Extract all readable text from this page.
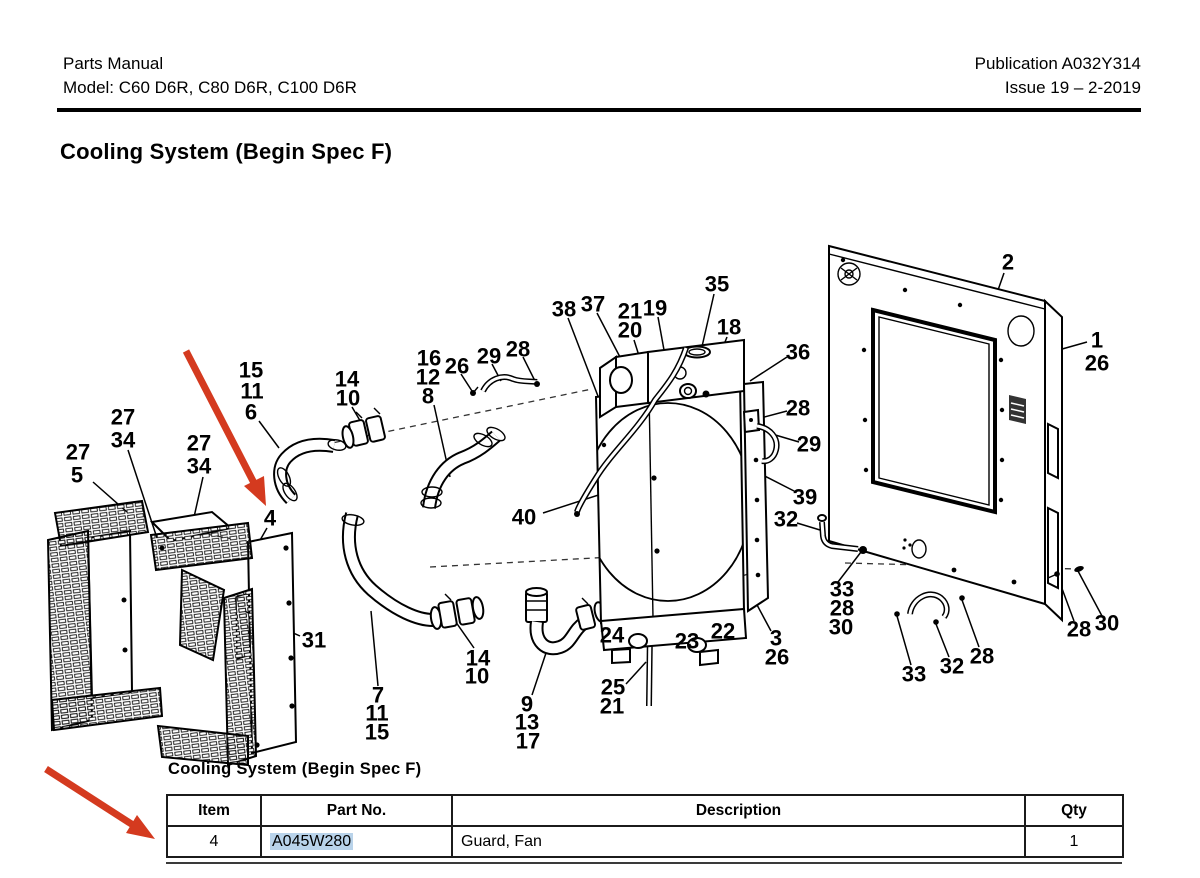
Parts Manual
Model: C60 D6R, C80 D6R, C100 D6R
Publication A032Y314
Issue 19 – 2-2019
Cooling System (Begin Spec F)
27
5
27
34 27
34
15
11
6
4
31
14
10
16
12
8
26 29 28
38 37 21
20
19
35
18
36
28
29
39
32
40
2
1
26
7
11
15
14
10
9
13
17
24
25
21
23 22 3
26
33
28
30
33 32 28
28 30
Cooling System (Begin Spec F)
Item	Part No.	Description	Qty
4	A045W280	Guard, Fan	1
